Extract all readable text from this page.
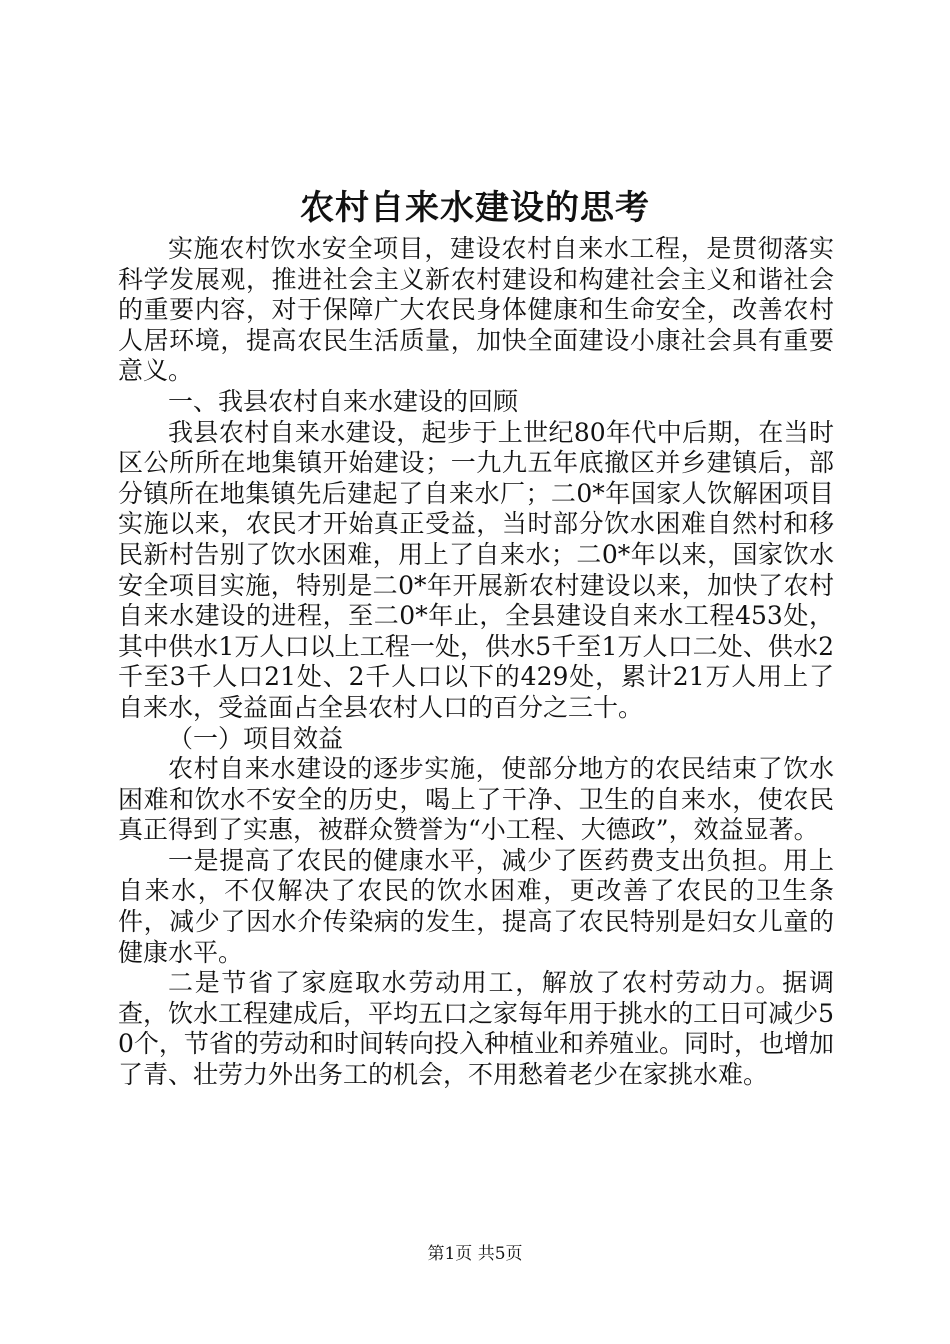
农村自来水建设的思考

实施农村饮水安全项目，建设农村自来水工程，是贯彻落实科学发展观，推进社会主义新农村建设和构建社会主义和谐社会的重要内容，对于保障广大农民身体健康和生命安全，改善农村人居环境，提高农民生活质量，加快全面建设小康社会具有重要意义。

一、我县农村自来水建设的回顾

我县农村自来水建设，起步于上世纪80年代中后期，在当时区公所所在地集镇开始建设；一九九五年底撤区并乡建镇后，部分镇所在地集镇先后建起了自来水厂；二0*年国家人饮解困项目实施以来，农民才开始真正受益，当时部分饮水困难自然村和移民新村告别了饮水困难，用上了自来水；二0*年以来，国家饮水安全项目实施，特别是二0*年开展新农村建设以来，加快了农村自来水建设的进程，至二0*年止，全县建设自来水工程453处，其中供水1万人口以上工程一处，供水5千至1万人口二处、供水2千至3千人口21处、2千人口以下的429处，累计21万人用上了自来水，受益面占全县农村人口的百分之三十。

（一）项目效益

农村自来水建设的逐步实施，使部分地方的农民结束了饮水困难和饮水不安全的历史，喝上了干净、卫生的自来水，使农民真正得到了实惠，被群众赞誉为“小工程、大德政”，效益显著。

一是提高了农民的健康水平，减少了医药费支出负担。用上自来水，不仅解决了农民的饮水困难，更改善了农民的卫生条件，减少了因水介传染病的发生，提高了农民特别是妇女儿童的健康水平。

二是节省了家庭取水劳动用工，解放了农村劳动力。据调查，饮水工程建成后，平均五口之家每年用于挑水的工日可减少50个，节省的劳动和时间转向投入种植业和养殖业。同时，也增加了青、壮劳力外出务工的机会，不用愁着老少在家挑水难。

第1页 共5页
